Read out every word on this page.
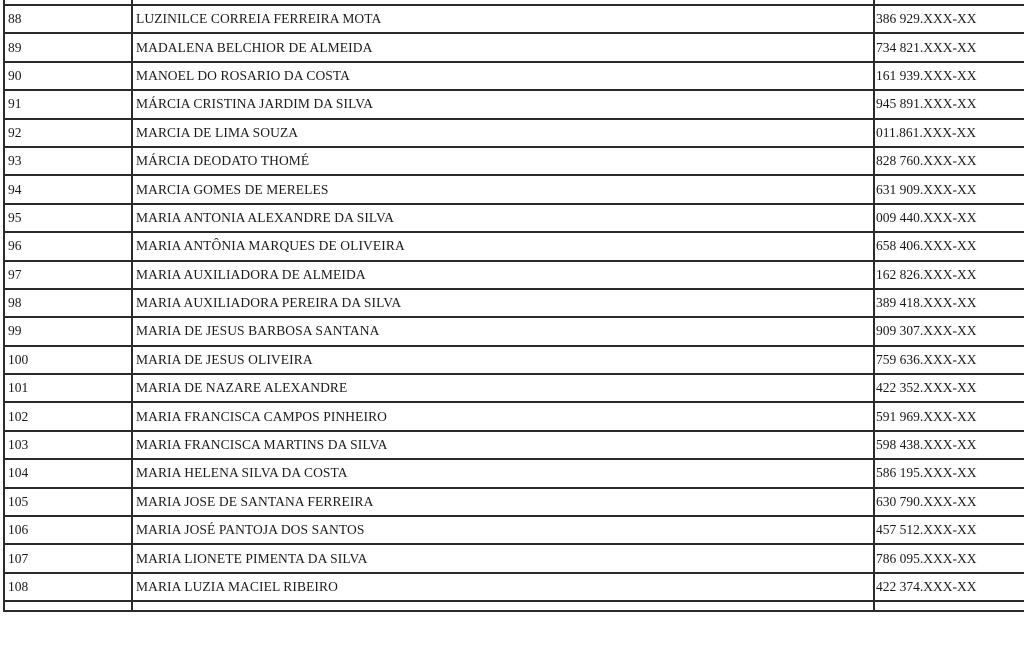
88	LUZINILCE CORREIA FERREIRA MOTA	386 929.XXX-XX
89	MADALENA BELCHIOR DE ALMEIDA	734 821.XXX-XX
90	MANOEL DO ROSARIO DA COSTA	161 939.XXX-XX
91	MÁRCIA CRISTINA JARDIM DA SILVA	945 891.XXX-XX
92	MARCIA DE LIMA SOUZA	011.861.XXX-XX
93	MÁRCIA DEODATO THOMÉ	828 760.XXX-XX
94	MARCIA GOMES DE MERELES	631 909.XXX-XX
95	MARIA ANTONIA ALEXANDRE DA SILVA	009 440.XXX-XX
96	MARIA ANTÔNIA MARQUES DE OLIVEIRA	658 406.XXX-XX
97	MARIA AUXILIADORA DE ALMEIDA	162 826.XXX-XX
98	MARIA AUXILIADORA PEREIRA DA SILVA	389 418.XXX-XX
99	MARIA DE JESUS BARBOSA SANTANA	909 307.XXX-XX
100	MARIA DE JESUS OLIVEIRA	759 636.XXX-XX
101	MARIA DE NAZARE ALEXANDRE	422 352.XXX-XX
102	MARIA FRANCISCA CAMPOS PINHEIRO	591 969.XXX-XX
103	MARIA FRANCISCA MARTINS DA SILVA	598 438.XXX-XX
104	MARIA HELENA SILVA DA COSTA	586 195.XXX-XX
105	MARIA JOSE DE SANTANA FERREIRA	630 790.XXX-XX
106	MARIA JOSÉ PANTOJA DOS SANTOS	457 512.XXX-XX
107	MARIA LIONETE PIMENTA DA SILVA	786 095.XXX-XX
108	MARIA LUZIA MACIEL RIBEIRO	422 374.XXX-XX
